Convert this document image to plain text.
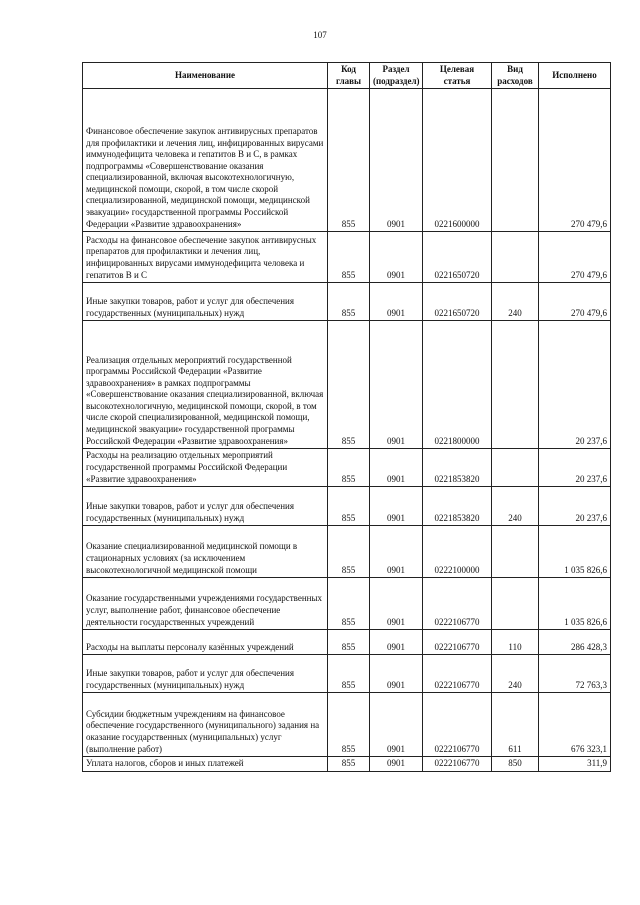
107
Наименование	Код главы	Раздел (подраздел)	Целевая статья	Вид расходов	Исполнено
Финансовое обеспечение закупок антивирусных препаратов для профилактики и лечения лиц, инфицированных вирусами иммунодефицита человека и гепатитов В и С, в рамках подпрограммы «Совершенствование оказания специализированной, включая высокотехнологичную, медицинской помощи, скорой, в том числе скорой специализированной, медицинской помощи, медицинской эвакуации» государственной программы Российской Федерации «Развитие здравоохранения»	855	0901	0221600000		270 479,6
Расходы на финансовое обеспечение закупок антивирусных препаратов для профилактики и лечения лиц, инфицированных вирусами иммунодефицита человека и гепатитов В и С	855	0901	0221650720		270 479,6
Иные закупки товаров, работ и услуг для обеспечения государственных (муниципальных) нужд	855	0901	0221650720	240	270 479,6
Реализация отдельных мероприятий государственной программы Российской Федерации «Развитие здравоохранения» в рамках подпрограммы «Совершенствование оказания специализированной, включая высокотехнологичную, медицинской помощи, скорой, в том числе скорой специализированной, медицинской помощи, медицинской эвакуации» государственной программы Российской Федерации «Развитие здравоохранения»	855	0901	0221800000		20 237,6
Расходы на реализацию отдельных мероприятий государственной программы Российской Федерации «Развитие здравоохранения»	855	0901	0221853820		20 237,6
Иные закупки товаров, работ и услуг для обеспечения государственных (муниципальных) нужд	855	0901	0221853820	240	20 237,6
Оказание специализированной медицинской помощи в стационарных условиях (за исключением высокотехнологичной медицинской помощи	855	0901	0222100000		1 035 826,6
Оказание государственными учреждениями государственных услуг, выполнение работ, финансовое обеспечение деятельности государственных учреждений	855	0901	0222106770		1 035 826,6
Расходы на выплаты персоналу казённых учреждений	855	0901	0222106770	110	286 428,3
Иные закупки товаров, работ и услуг для обеспечения государственных (муниципальных) нужд	855	0901	0222106770	240	72 763,3
Субсидии бюджетным учреждениям на финансовое обеспечение государственного (муниципального) задания на оказание государственных (муниципальных) услуг (выполнение работ)	855	0901	0222106770	611	676 323,1
Уплата налогов, сборов и иных платежей	855	0901	0222106770	850	311,9
